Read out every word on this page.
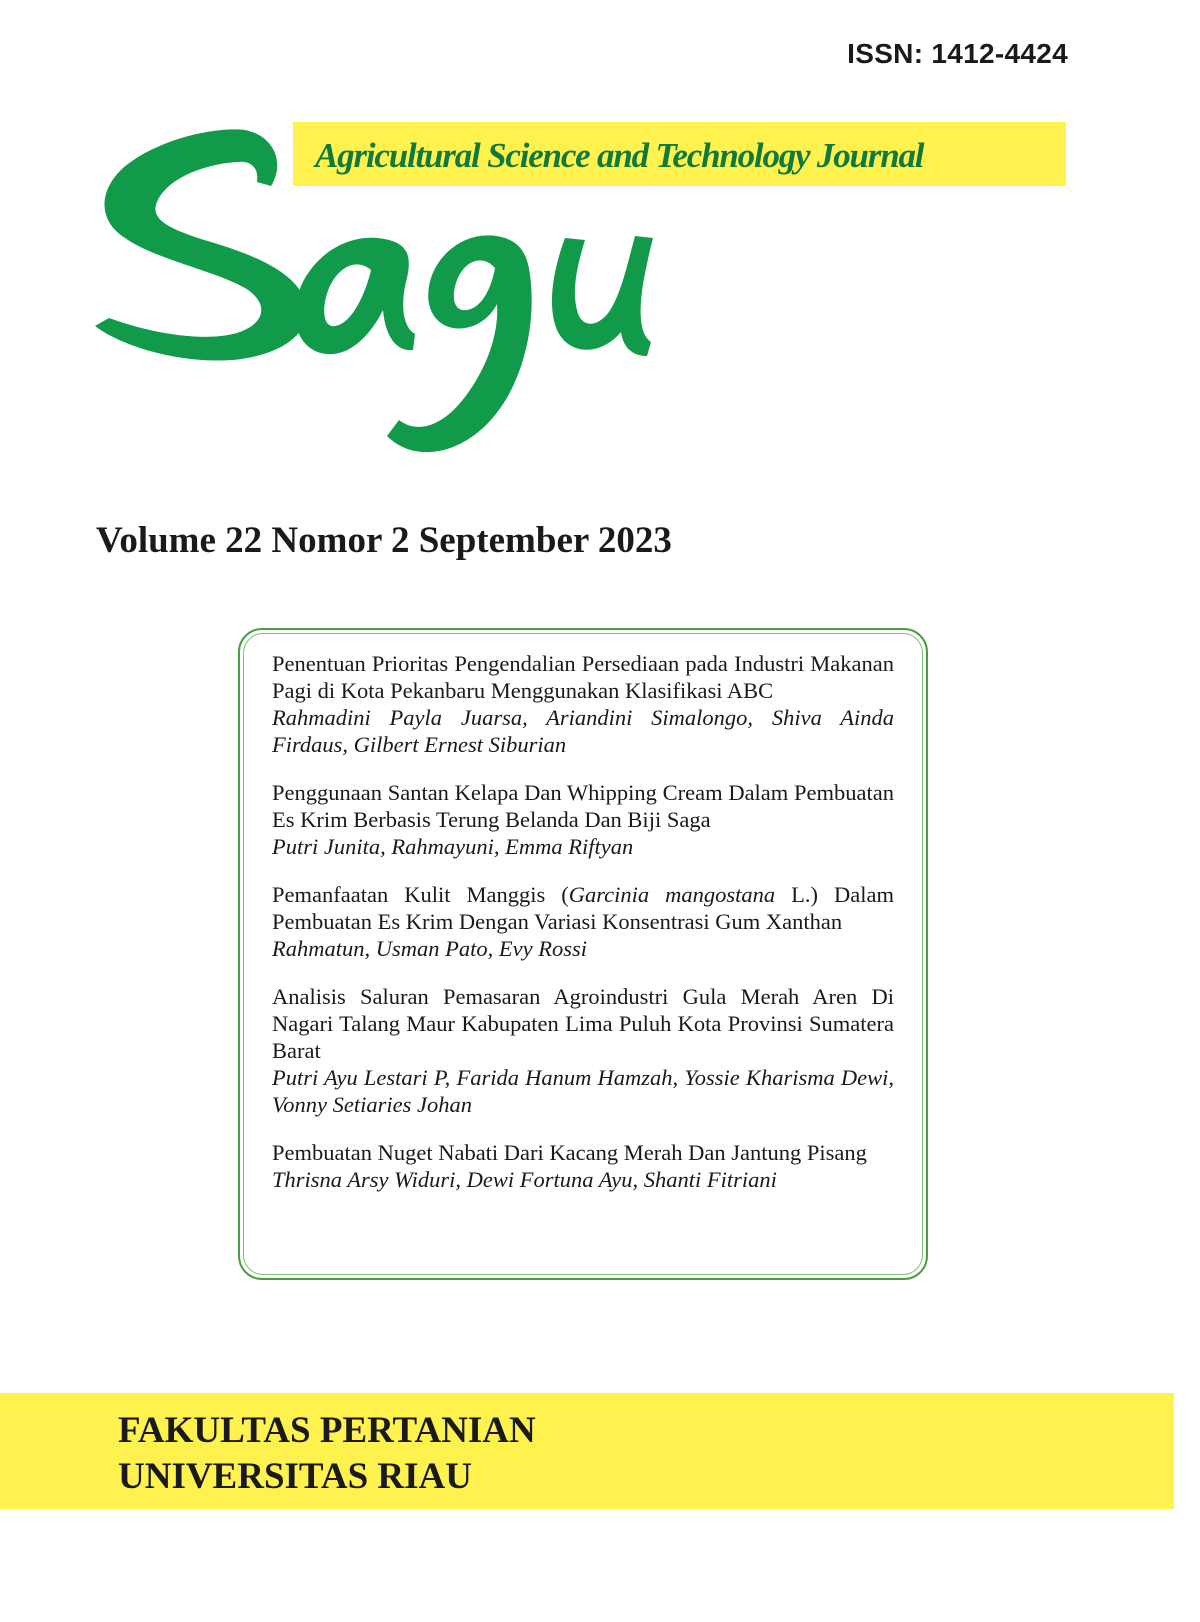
ISSN: 1412-4424
Agricultural Science and Technology Journal
Volume 22 Nomor 2 September 2023
Penentuan Prioritas Pengendalian Persediaan pada Industri Makanan Pagi di Kota Pekanbaru Menggunakan Klasifikasi ABC
Rahmadini Payla Juarsa, Ariandini Simalongo, Shiva Ainda Firdaus, Gilbert Ernest Siburian
Penggunaan Santan Kelapa Dan Whipping Cream Dalam Pembuatan Es Krim Berbasis Terung Belanda Dan Biji Saga
Putri Junita, Rahmayuni, Emma Riftyan
Pemanfaatan Kulit Manggis (Garcinia mangostana L.) Dalam Pembuatan Es Krim Dengan Variasi Konsentrasi Gum Xanthan
Rahmatun, Usman Pato, Evy Rossi
Analisis Saluran Pemasaran Agroindustri Gula Merah Aren Di Nagari Talang Maur Kabupaten Lima Puluh Kota Provinsi Sumatera Barat
Putri Ayu Lestari P, Farida Hanum Hamzah, Yossie Kharisma Dewi, Vonny Setiaries Johan
Pembuatan Nuget Nabati Dari Kacang Merah Dan Jantung Pisang
Thrisna Arsy Widuri, Dewi Fortuna Ayu, Shanti Fitriani
FAKULTAS PERTANIAN
UNIVERSITAS RIAU
